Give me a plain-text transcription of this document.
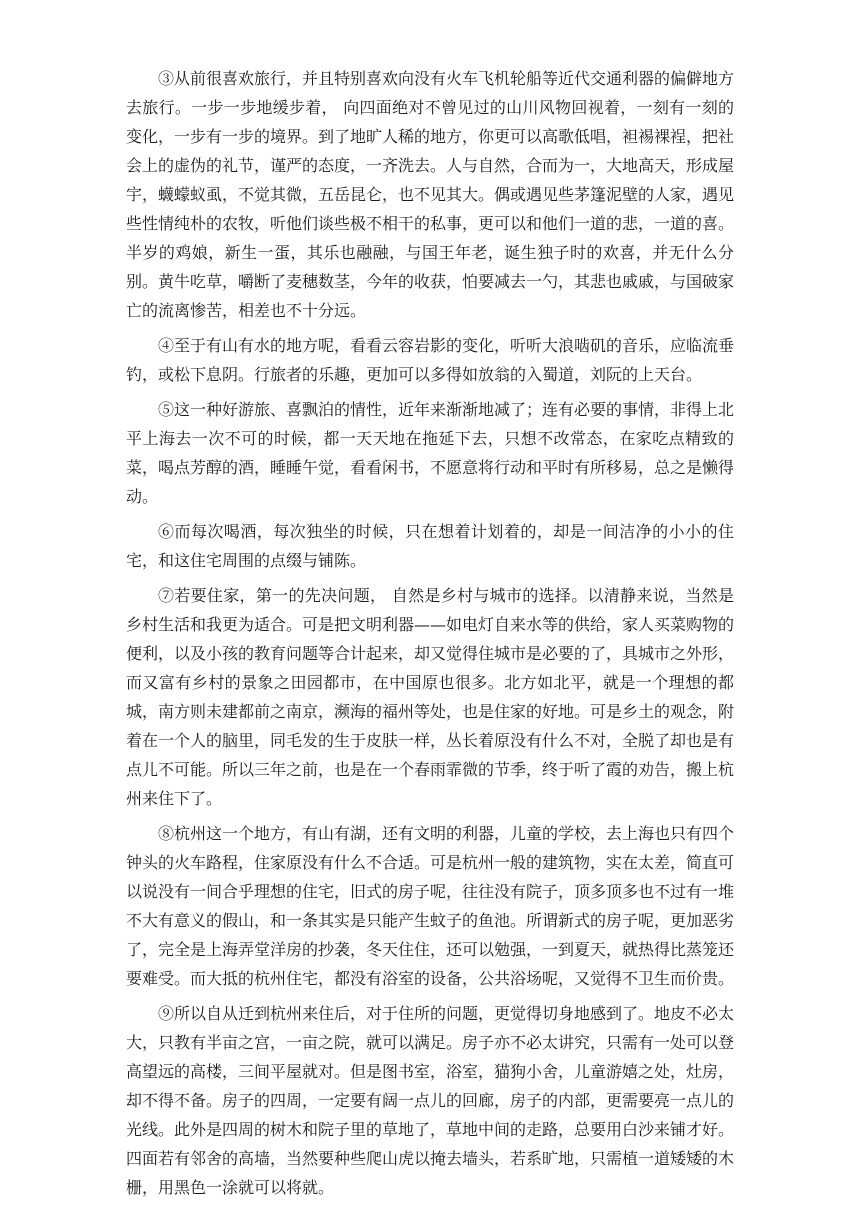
③从前很喜欢旅行，并且特别喜欢向没有火车飞机轮船等近代交通利器的偏僻地方去旅行。一步一步地缓步着， 向四面绝对不曾见过的山川风物回视着，一刻有一刻的变化，一步有一步的境界。到了地旷人稀的地方，你更可以高歌低唱，袒裼裸裎，把社会上的虚伪的礼节，谨严的态度，一齐洗去。人与自然，合而为一，大地高天，形成屋宇，蠛蠓蚁虱，不觉其微，五岳昆仑，也不见其大。偶或遇见些茅篷泥壁的人家，遇见些性情纯朴的农牧，听他们谈些极不相干的私事，更可以和他们一道的悲，一道的喜。半岁的鸡娘，新生一蛋，其乐也融融，与国王年老，诞生独子时的欢喜，并无什么分别。黄牛吃草，嚼断了麦穗数茎，今年的收获，怕要减去一勺，其悲也戚戚，与国破家亡的流离惨苦，相差也不十分远。

④至于有山有水的地方呢，看看云容岩影的变化，听听大浪啮矶的音乐，应临流垂钓，或松下息阴。行旅者的乐趣，更加可以多得如放翁的入蜀道，刘阮的上天台。

⑤这一种好游旅、喜飘泊的情性，近年来渐渐地减了；连有必要的事情，非得上北平上海去一次不可的时候，都一天天地在拖延下去，只想不改常态，在家吃点精致的菜，喝点芳醇的酒，睡睡午觉，看看闲书，不愿意将行动和平时有所移易，总之是懒得动。

⑥而每次喝酒，每次独坐的时候，只在想着计划着的，却是一间洁净的小小的住宅，和这住宅周围的点缀与铺陈。

⑦若要住家，第一的先决问题， 自然是乡村与城市的选择。以清静来说，当然是乡村生活和我更为适合。可是把文明利器——如电灯自来水等的供给，家人买菜购物的便利，以及小孩的教育问题等合计起来，却又觉得住城市是必要的了，具城市之外形，而又富有乡村的景象之田园都市，在中国原也很多。北方如北平，就是一个理想的都城，南方则未建都前之南京，濒海的福州等处，也是住家的好地。可是乡土的观念，附着在一个人的脑里，同毛发的生于皮肤一样，丛长着原没有什么不对，全脱了却也是有点儿不可能。所以三年之前，也是在一个春雨霏微的节季，终于听了霞的劝告，搬上杭州来住下了。

⑧杭州这一个地方，有山有湖，还有文明的利器，儿童的学校，去上海也只有四个钟头的火车路程，住家原没有什么不合适。可是杭州一般的建筑物，实在太差，简直可以说没有一间合乎理想的住宅，旧式的房子呢，往往没有院子，顶多顶多也不过有一堆不大有意义的假山，和一条其实是只能产生蚊子的鱼池。所谓新式的房子呢，更加恶劣了，完全是上海弄堂洋房的抄袭，冬天住住，还可以勉强，一到夏天，就热得比蒸笼还要难受。而大抵的杭州住宅，都没有浴室的设备，公共浴场呢，又觉得不卫生而价贵。

⑨所以自从迁到杭州来住后，对于住所的问题，更觉得切身地感到了。地皮不必太大，只教有半亩之宫，一亩之院，就可以满足。房子亦不必太讲究，只需有一处可以登高望远的高楼，三间平屋就对。但是图书室，浴室，猫狗小舍，儿童游嬉之处，灶房，却不得不备。房子的四周，一定要有阔一点儿的回廊，房子的内部，更需要亮一点儿的光线。此外是四周的树木和院子里的草地了，草地中间的走路，总要用白沙来铺才好。四面若有邻舍的高墙，当然要种些爬山虎以掩去墙头，若系旷地，只需植一道矮矮的木栅，用黑色一涂就可以将就。
